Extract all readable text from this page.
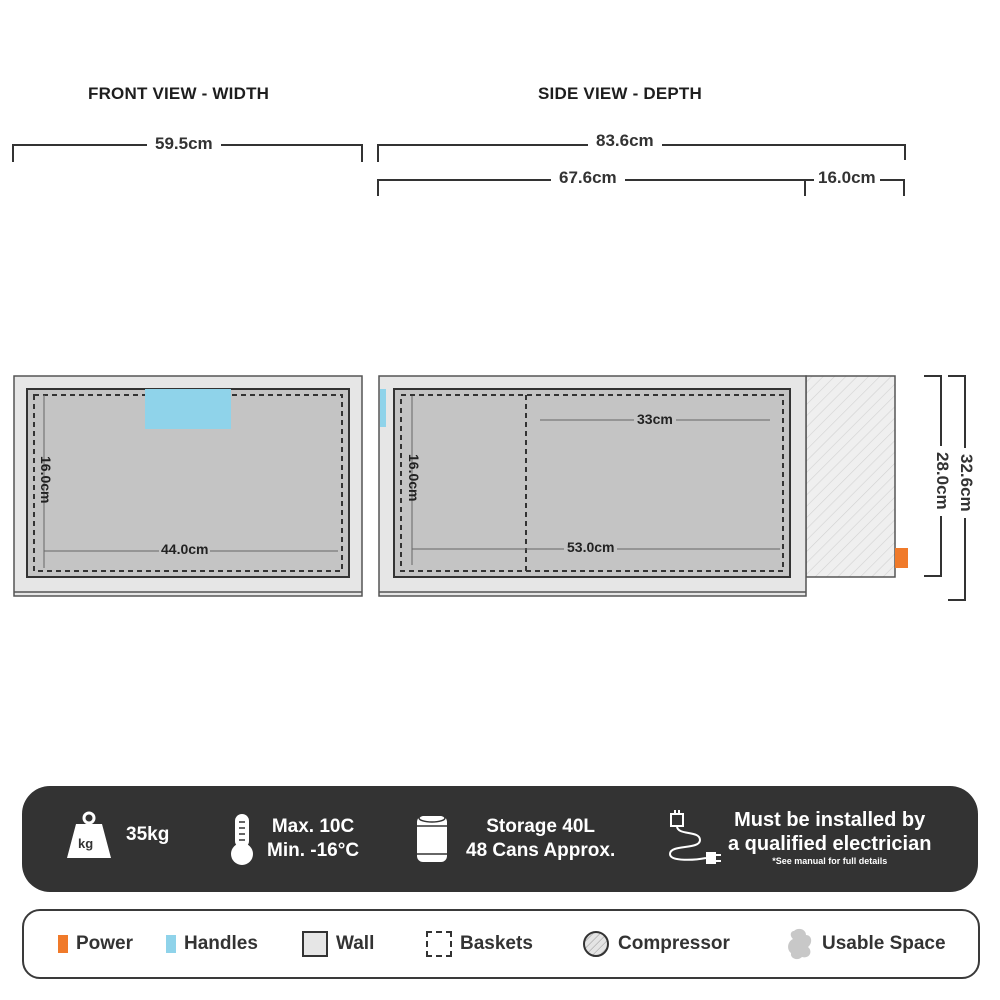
FRONT VIEW - WIDTH	SIDE VIEW - DEPTH
59.5cm	83.6cm
67.6cm	16.0cm
16.0cm
44.0cm
16.0cm
33cm
53.0cm
28.0cm 32.6cm
kg 35kg	Max. 10C
Min. -16°C
Storage 40L
48 Cans Approx.
Must be installed by
a qualified electrician
*See manual for full details
Power	Handles	Wall	Baskets	Compressor	Usable Space
